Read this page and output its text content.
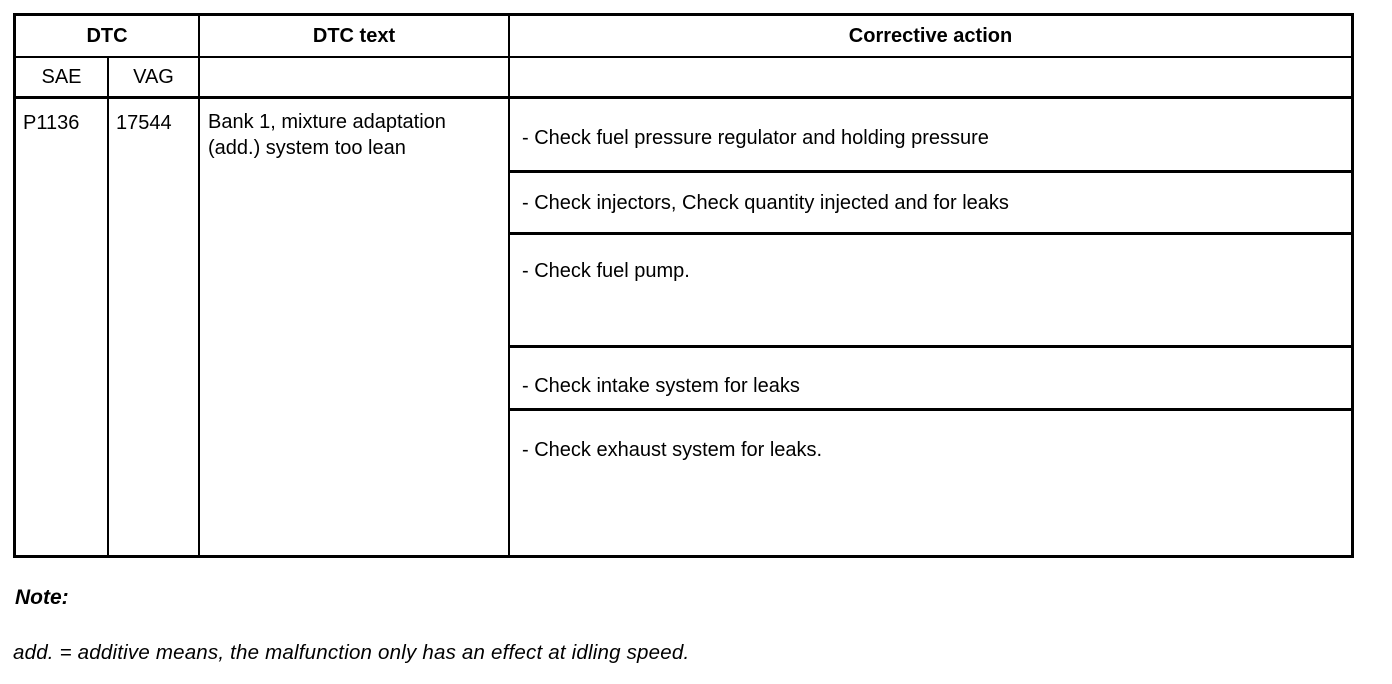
DTC	DTC text	Corrective action
SAE	VAG
P1136	17544	Bank 1, mixture adaptation (add.) system too lean	- Check fuel pressure regulator and holding pressure
- Check injectors, Check quantity injected and for leaks
- Check fuel pump.
- Check intake system for leaks
- Check exhaust system for leaks.
Note:
add. = additive means, the malfunction only has an effect at idling speed.
